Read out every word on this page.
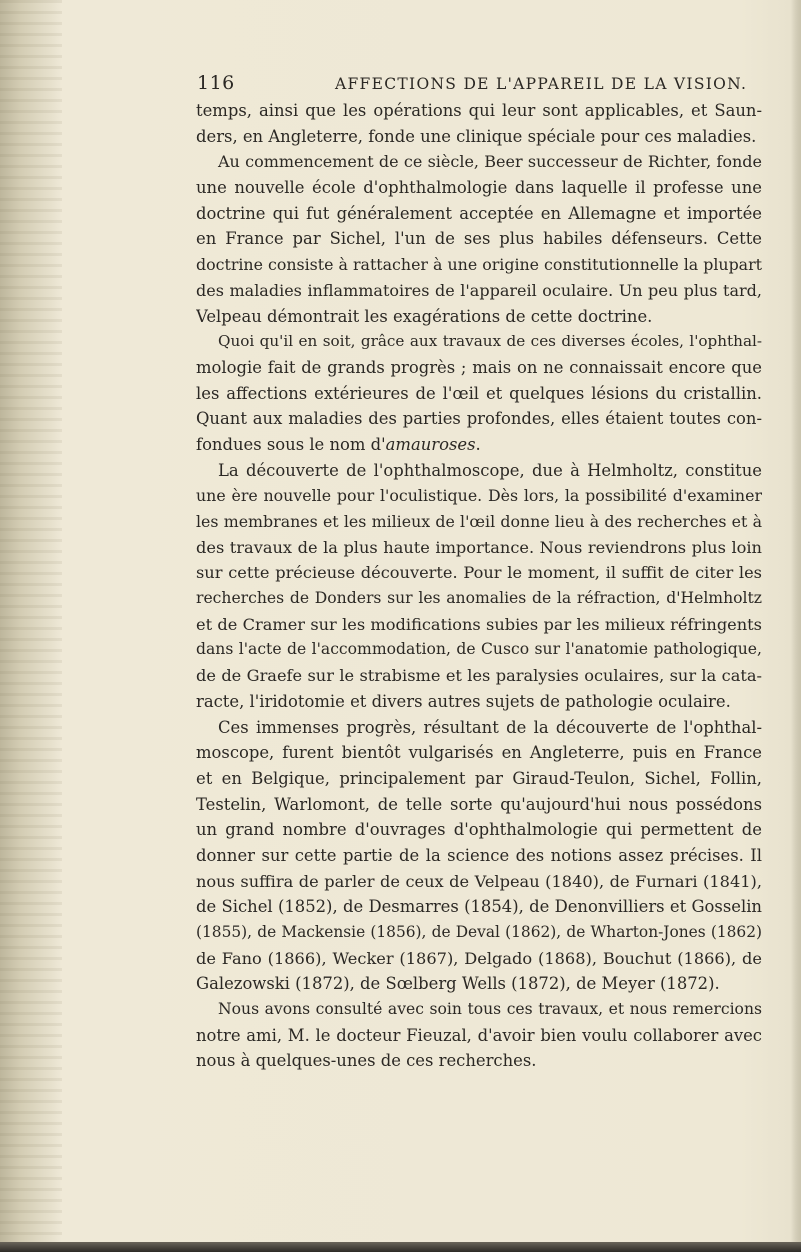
116	AFFECTIONS DE L'APPAREIL DE LA VISION.
temps, ainsi que les opérations qui leur sont applicables, et Saun-
ders, en Angleterre, fonde une clinique spéciale pour ces maladies.
Au commencement de ce siècle, Beer successeur de Richter, fonde
une nouvelle école d'ophthalmologie dans laquelle il professe une
doctrine qui fut généralement acceptée en Allemagne et importée
en France par Sichel, l'un de ses plus habiles défenseurs. Cette
doctrine consiste à rattacher à une origine constitutionnelle la plupart
des maladies inflammatoires de l'appareil oculaire. Un peu plus tard,
Velpeau démontrait les exagérations de cette doctrine.
Quoi qu'il en soit, grâce aux travaux de ces diverses écoles, l'ophthal-
mologie fait de grands progrès ; mais on ne connaissait encore que
les affections extérieures de l'œil et quelques lésions du cristallin.
Quant aux maladies des parties profondes, elles étaient toutes con-
fondues sous le nom d'amauroses.
La découverte de l'ophthalmoscope, due à Helmholtz, constitue
une ère nouvelle pour l'oculistique. Dès lors, la possibilité d'examiner
les membranes et les milieux de l'œil donne lieu à des recherches et à
des travaux de la plus haute importance. Nous reviendrons plus loin
sur cette précieuse découverte. Pour le moment, il suffit de citer les
recherches de Donders sur les anomalies de la réfraction, d'Helmholtz
et de Cramer sur les modifications subies par les milieux réfringents
dans l'acte de l'accommodation, de Cusco sur l'anatomie pathologique,
de de Graefe sur le strabisme et les paralysies oculaires, sur la cata-
racte, l'iridotomie et divers autres sujets de pathologie oculaire.
Ces immenses progrès, résultant de la découverte de l'ophthal-
moscope, furent bientôt vulgarisés en Angleterre, puis en France
et en Belgique, principalement par Giraud-Teulon, Sichel, Follin,
Testelin, Warlomont, de telle sorte qu'aujourd'hui nous possédons
un grand nombre d'ouvrages d'ophthalmologie qui permettent de
donner sur cette partie de la science des notions assez précises. Il
nous suffira de parler de ceux de Velpeau (1840), de Furnari (1841),
de Sichel (1852), de Desmarres (1854), de Denonvilliers et Gosselin
(1855), de Mackensie (1856), de Deval (1862), de Wharton-Jones (1862)
de Fano (1866), Wecker (1867), Delgado (1868), Bouchut (1866), de
Galezowski (1872), de Sœlberg Wells (1872), de Meyer (1872).
Nous avons consulté avec soin tous ces travaux, et nous remercions
notre ami, M. le docteur Fieuzal, d'avoir bien voulu collaborer avec
nous à quelques-unes de ces recherches.
